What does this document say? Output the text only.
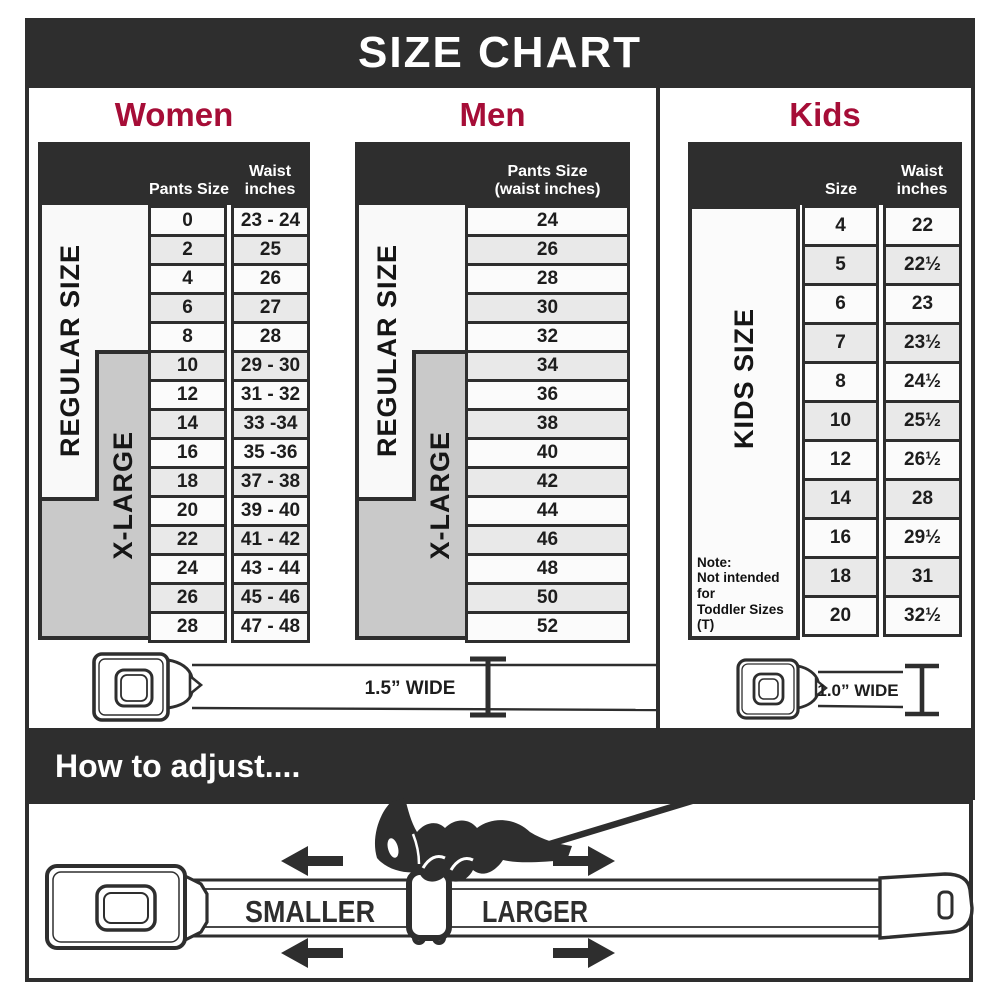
SIZE CHART
Women	Men	Kids
Pants Size
Waist
inches
REGULAR SIZE
X-LARGE
0	23 - 24
2	25
4	26
6	27
8	28
10	29 - 30
12	31 - 32
14	33 -34
16	35 -36
18	37 - 38
20	39 - 40
22	41 - 42
24	43 - 44
26	45 - 46
28	47 - 48
Pants Size
(waist inches)
REGULAR SIZE
X-LARGE
24
26
28
30
32
34
36
38
40
42
44
46
48
50
52
Size
Waist
inches
KIDS SIZE
Note:
Not intended for
Toddler Sizes (T)
4	22
5	22½
6	23
7	23½
8	24½
10	25½
12	26½
14	28
16	29½
18	31
20	32½
1.5” WIDE	1.0” WIDE
How to adjust....
SMALLER	LARGER
